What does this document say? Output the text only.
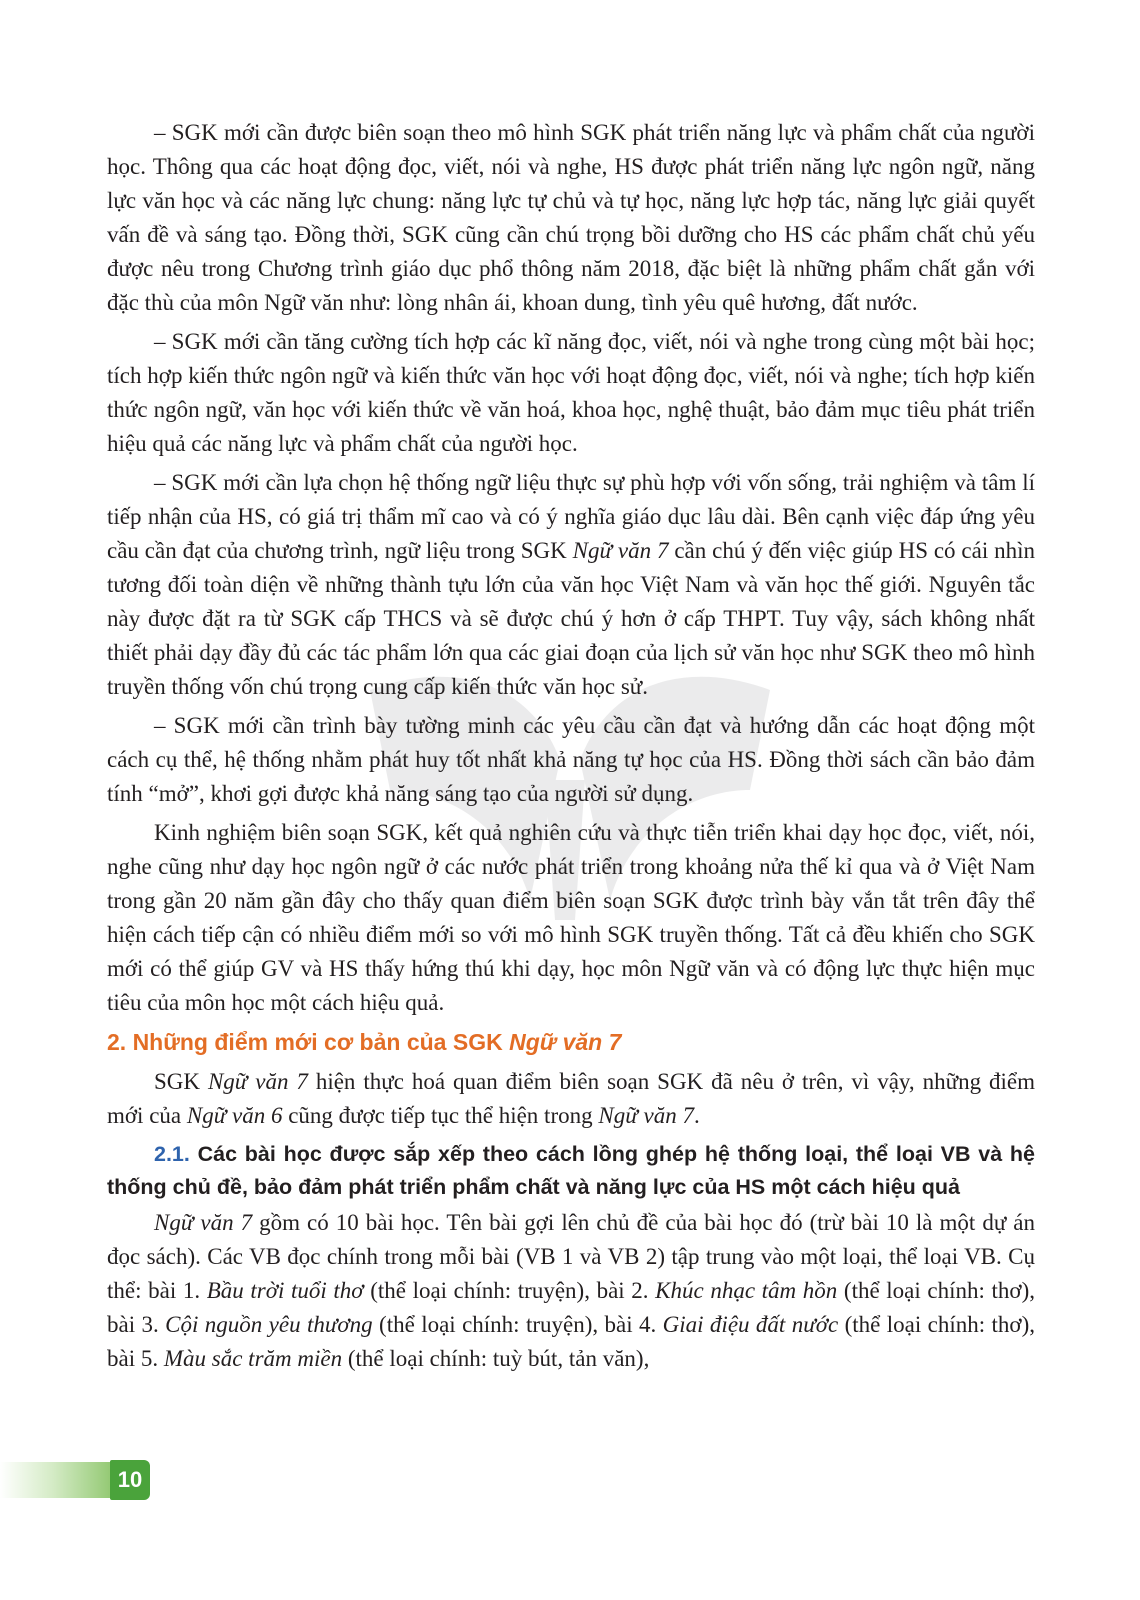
– SGK mới cần được biên soạn theo mô hình SGK phát triển năng lực và phẩm chất của người học. Thông qua các hoạt động đọc, viết, nói và nghe, HS được phát triển năng lực ngôn ngữ, năng lực văn học và các năng lực chung: năng lực tự chủ và tự học, năng lực hợp tác, năng lực giải quyết vấn đề và sáng tạo. Đồng thời, SGK cũng cần chú trọng bồi dưỡng cho HS các phẩm chất chủ yếu được nêu trong Chương trình giáo dục phổ thông năm 2018, đặc biệt là những phẩm chất gắn với đặc thù của môn Ngữ văn như: lòng nhân ái, khoan dung, tình yêu quê hương, đất nước.

– SGK mới cần tăng cường tích hợp các kĩ năng đọc, viết, nói và nghe trong cùng một bài học; tích hợp kiến thức ngôn ngữ và kiến thức văn học với hoạt động đọc, viết, nói và nghe; tích hợp kiến thức ngôn ngữ, văn học với kiến thức về văn hoá, khoa học, nghệ thuật, bảo đảm mục tiêu phát triển hiệu quả các năng lực và phẩm chất của người học.

– SGK mới cần lựa chọn hệ thống ngữ liệu thực sự phù hợp với vốn sống, trải nghiệm và tâm lí tiếp nhận của HS, có giá trị thẩm mĩ cao và có ý nghĩa giáo dục lâu dài. Bên cạnh việc đáp ứng yêu cầu cần đạt của chương trình, ngữ liệu trong SGK Ngữ văn 7 cần chú ý đến việc giúp HS có cái nhìn tương đối toàn diện về những thành tựu lớn của văn học Việt Nam và văn học thế giới. Nguyên tắc này được đặt ra từ SGK cấp THCS và sẽ được chú ý hơn ở cấp THPT. Tuy vậy, sách không nhất thiết phải dạy đầy đủ các tác phẩm lớn qua các giai đoạn của lịch sử văn học như SGK theo mô hình truyền thống vốn chú trọng cung cấp kiến thức văn học sử.

– SGK mới cần trình bày tường minh các yêu cầu cần đạt và hướng dẫn các hoạt động một cách cụ thể, hệ thống nhằm phát huy tốt nhất khả năng tự học của HS. Đồng thời sách cần bảo đảm tính “mở”, khơi gợi được khả năng sáng tạo của người sử dụng.

Kinh nghiệm biên soạn SGK, kết quả nghiên cứu và thực tiễn triển khai dạy học đọc, viết, nói, nghe cũng như dạy học ngôn ngữ ở các nước phát triển trong khoảng nửa thế kỉ qua và ở Việt Nam trong gần 20 năm gần đây cho thấy quan điểm biên soạn SGK được trình bày vắn tắt trên đây thể hiện cách tiếp cận có nhiều điểm mới so với mô hình SGK truyền thống. Tất cả đều khiến cho SGK mới có thể giúp GV và HS thấy hứng thú khi dạy, học môn Ngữ văn và có động lực thực hiện mục tiêu của môn học một cách hiệu quả.

2. Những điểm mới cơ bản của SGK Ngữ văn 7

SGK Ngữ văn 7 hiện thực hoá quan điểm biên soạn SGK đã nêu ở trên, vì vậy, những điểm mới của Ngữ văn 6 cũng được tiếp tục thể hiện trong Ngữ văn 7.

2.1. Các bài học được sắp xếp theo cách lồng ghép hệ thống loại, thể loại VB và hệ thống chủ đề, bảo đảm phát triển phẩm chất và năng lực của HS một cách hiệu quả

Ngữ văn 7 gồm có 10 bài học. Tên bài gợi lên chủ đề của bài học đó (trừ bài 10 là một dự án đọc sách). Các VB đọc chính trong mỗi bài (VB 1 và VB 2) tập trung vào một loại, thể loại VB. Cụ thể: bài 1. Bầu trời tuổi thơ (thể loại chính: truyện), bài 2. Khúc nhạc tâm hồn (thể loại chính: thơ), bài 3. Cội nguồn yêu thương (thể loại chính: truyện), bài 4. Giai điệu đất nước (thể loại chính: thơ), bài 5. Màu sắc trăm miền (thể loại chính: tuỳ bút, tản văn),

10
